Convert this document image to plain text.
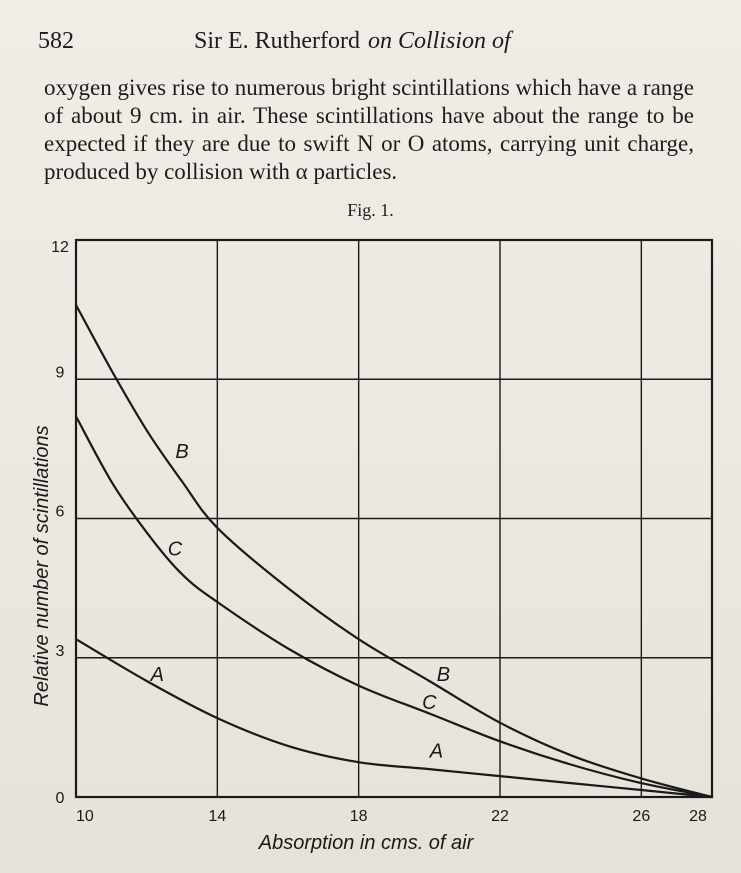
582	Sir E. Rutherford on Collision of

oxygen gives rise to numerous bright scintillations which have a range of about 9 cm. in air. These scintillations have about the range to be expected if they are due to swift N or O atoms, carrying unit charge, produced by collision with α particles.

Fig. 1.
B
C
A	B
C
A
10	14	18	22	26 28
0
3
6
9
12
Absorption in cms. of air
Relative number of scintillations
